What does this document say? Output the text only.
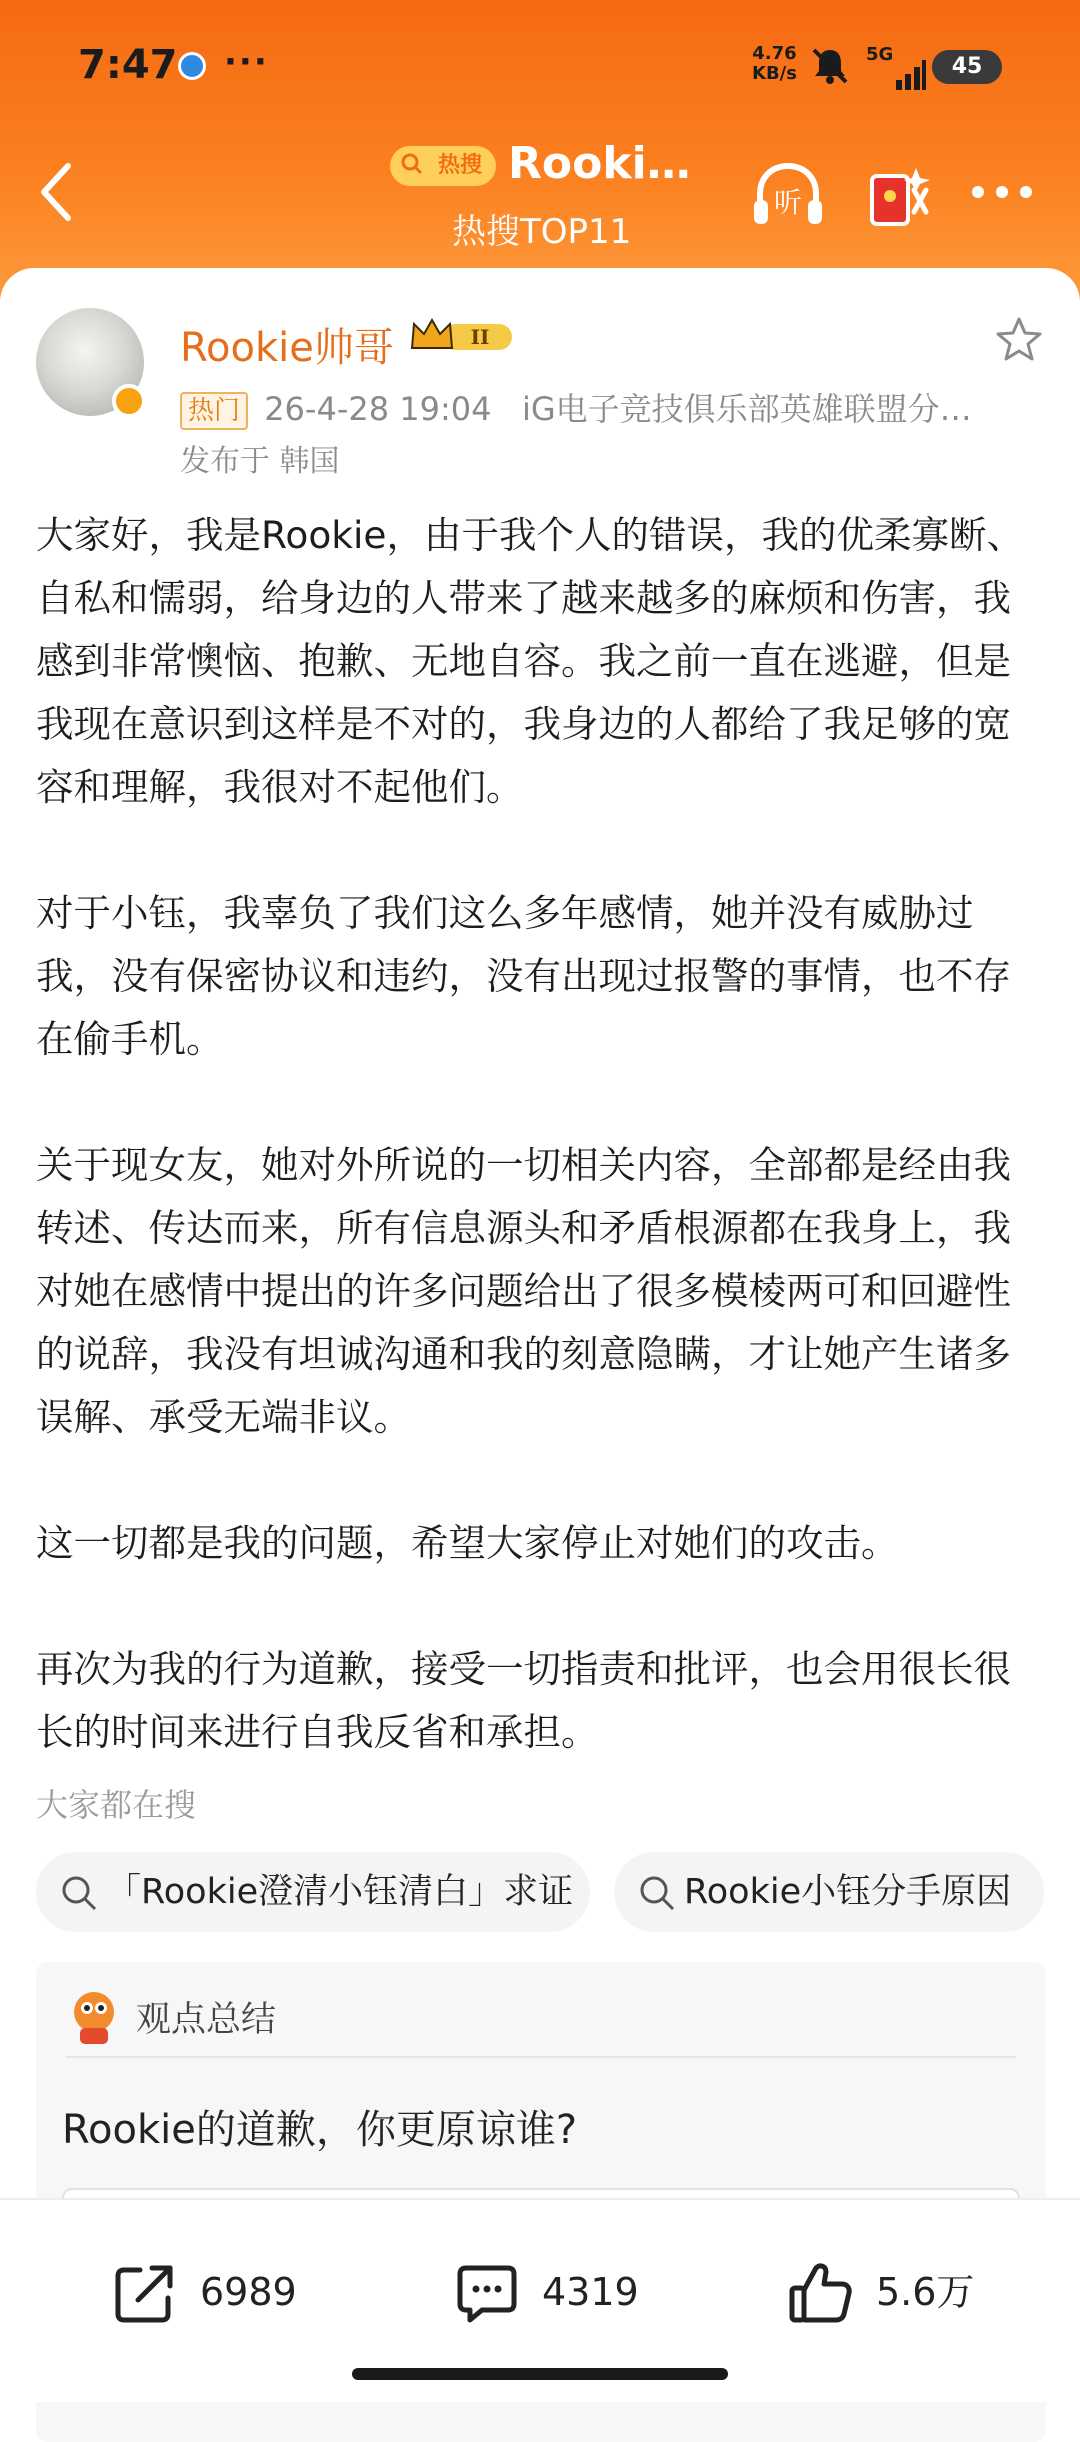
7:47 ···	4.76
KB/s
5G	45
热搜 Rooki…
热搜TOP11
听
Rookie帅哥	II
热门 26-4-28 19:04 iG电子竞技俱乐部英雄联盟分…
发布于 韩国

大家好，我是Rookie，由于我个人的错误，我的优柔寡断、自私和懦弱，给身边的人带来了越来越多的麻烦和伤害，我感到非常懊恼、抱歉、无地自容。我之前一直在逃避，但是我现在意识到这样是不对的，我身边的人都给了我足够的宽容和理解，我很对不起他们。

对于小钰，我辜负了我们这么多年感情，她并没有威胁过我，没有保密协议和违约，没有出现过报警的事情，也不存在偷手机。

关于现女友，她对外所说的一切相关内容，全部都是经由我转述、传达而来，所有信息源头和矛盾根源都在我身上，我对她在感情中提出的许多问题给出了很多模棱两可和回避性的说辞，我没有坦诚沟通和我的刻意隐瞒，才让她产生诸多误解、承受无端非议。

这一切都是我的问题，希望大家停止对她们的攻击。

再次为我的行为道歉，接受一切指责和批评，也会用很长很长的时间来进行自我反省和承担。

大家都在搜
「Rookie澄清小钰清白」求证	Rookie小钰分手原因
观点总结
Rookie的道歉，你更原谅谁?
6989	4319	5.6万
